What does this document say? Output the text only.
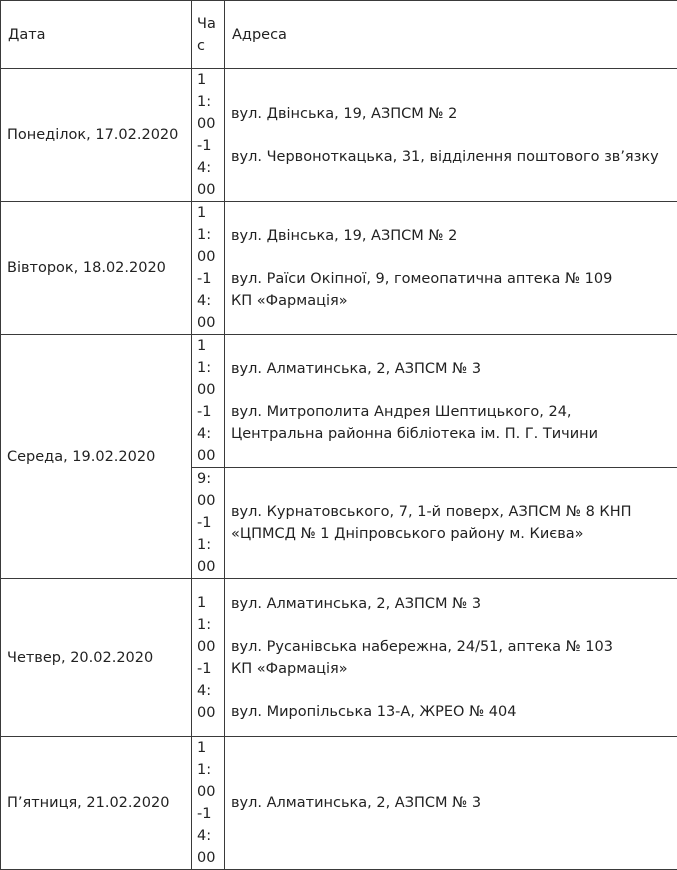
Дата	Час	Адреса
Понеділок, 17.02.2020	11:00-14:00	вул. Двінська, 19, АЗПСМ № 2
вул. Червоноткацька, 31, відділення поштового зв’язку

Вівторок, 18.02.2020	11:00-14:00	вул. Двінська, 19, АЗПСМ № 2
вул. Раїси Окіпної, 9, гомеопатична аптека № 109
КП «Фармація»

Середа, 19.02.2020	11:00-14:00	вул. Алматинська, 2, АЗПСМ № 3
вул. Митрополита Андрея Шептицького, 24,
Центральна районна бібліотека ім. П. Г. Тичини

	9:00-11:00	вул. Курнатовського, 7, 1-й поверх, АЗПСМ № 8 КНП
«ЦПМСД № 1 Дніпровського району м. Києва»

Четвер, 20.02.2020	11:00-14:00	вул. Алматинська, 2, АЗПСМ № 3
вул. Русанівська набережна, 24/51, аптека № 103
КП «Фармація»
вул. Миропільська 13-А, ЖРЕО № 404

П’ятниця, 21.02.2020	11:00-14:00	вул. Алматинська, 2, АЗПСМ № 3
